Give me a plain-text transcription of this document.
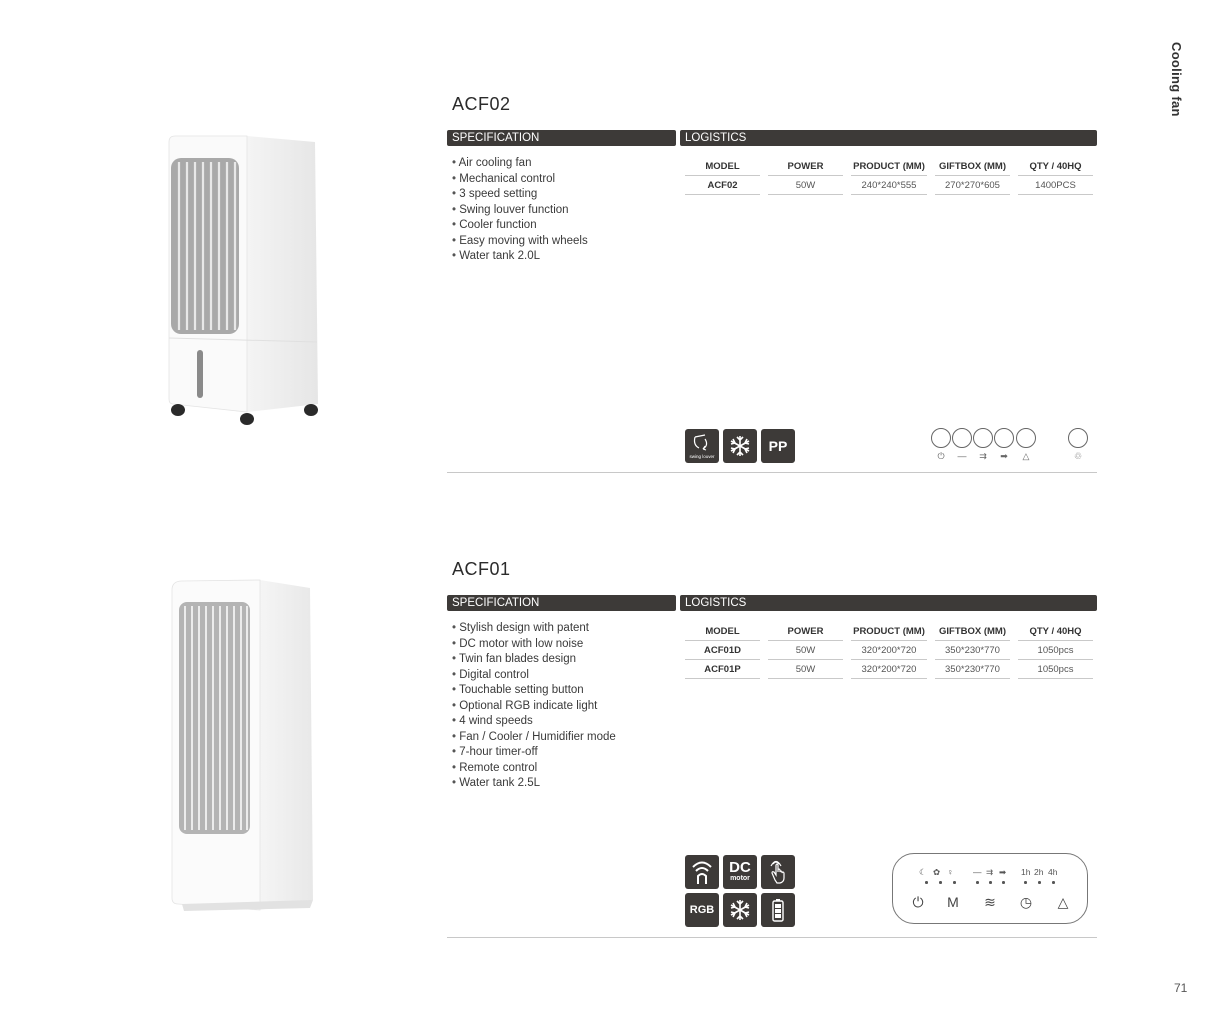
Cooling fan
71
ACF02
SPECIFICATION	LOGISTICS
• Air cooling fan
• Mechanical control
• 3 speed setting
• Swing louver function
• Cooler function
• Easy moving with wheels
• Water tank 2.0L
MODEL	POWER	PRODUCT (MM)	GIFTBOX (MM)	QTY / 40HQ
ACF02	50W	240*240*555	270*270*605	1400PCS
swing louver
PP
⏻	—	⇉	➡	△	♲
ACF01
SPECIFICATION	LOGISTICS
• Stylish design with patent
• DC motor with low noise
• Twin fan blades design
• Digital control
• Touchable setting button
• Optional RGB indicate light
• 4 wind speeds
• Fan / Cooler / Humidifier mode
• 7-hour timer-off
• Remote control
• Water tank 2.5L
MODEL	POWER	PRODUCT (MM)	GIFTBOX (MM)	QTY / 40HQ
ACF01D	50W	320*200*720	350*230*770	1050pcs
ACF01P	50W	320*200*720	350*230*770	1050pcs
DC
motor
RGB
☾ ✿ ♀ — ⇉ ➡ 1h 2h 4h
⏻	M ≋ ◷	△
